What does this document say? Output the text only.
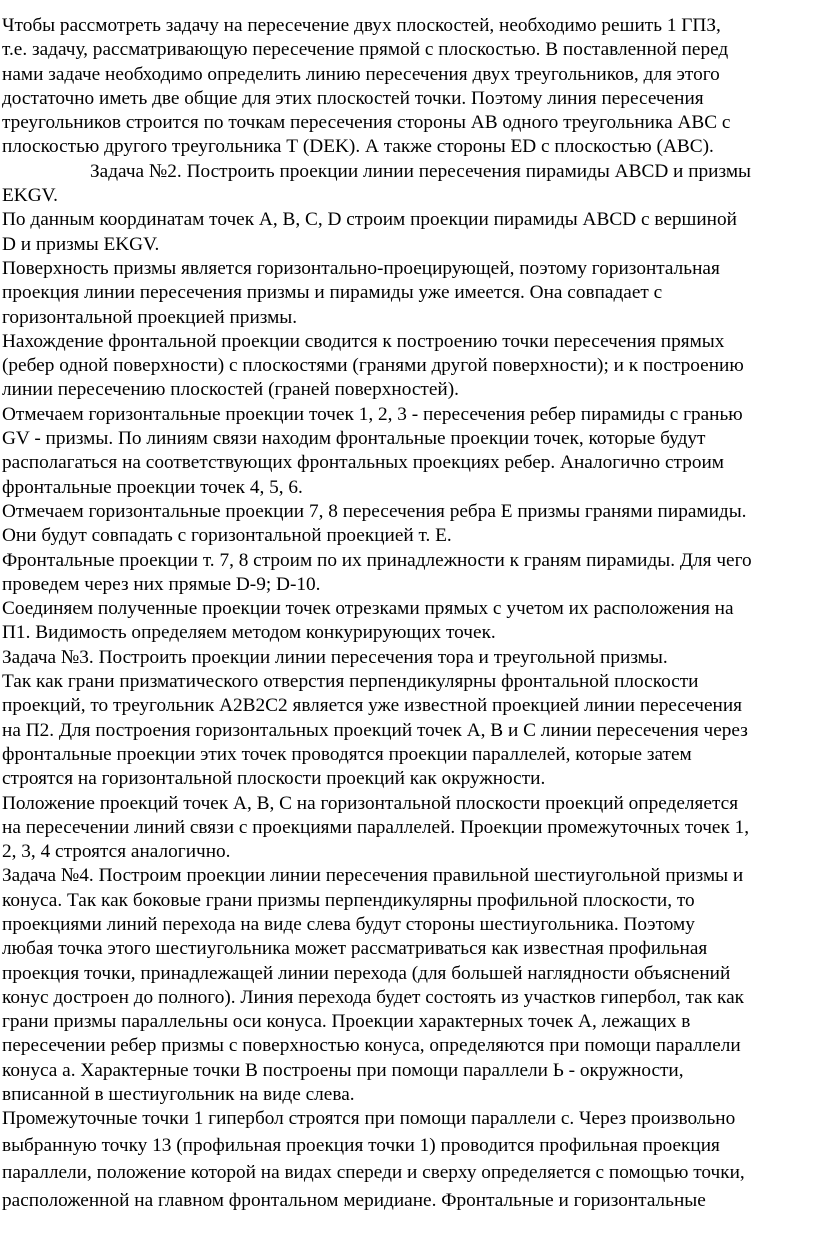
Чтобы рассмотреть задачу на пересечение двух плоскостей, необходимо решить 1 ГПЗ,

т.е. задачу, рассматривающую пересечение прямой с плоскостью. В поставленной перед

нами задаче необходимо определить линию пересечения двух треугольников, для этого

достаточно иметь две общие для этих плоскостей точки. Поэтому линия пересечения

треугольников строится по точкам пересечения стороны АВ одного треугольника АВС с

плоскостью другого треугольника Т (DEK). А также стороны ED с плоскостью (АВС).

Задача №2. Построить проекции линии пересечения пирамиды ABCD и призмы

EKGV.

По данным координатам точек A, B, C, D строим проекции пирамиды ABCD с вершиной

D и призмы EKGV.

Поверхность призмы является горизонтально-проецирующей, поэтому горизонтальная

проекция линии пересечения призмы и пирамиды уже имеется. Она совпадает с

горизонтальной проекцией призмы.

Нахождение фронтальной проекции сводится к построению точки пересечения прямых

(ребер одной поверхности) с плоскостями (гранями другой поверхности); и к построению

линии пересечению плоскостей (граней поверхностей).

Отмечаем горизонтальные проекции точек 1, 2, 3 - пересечения ребер пирамиды с гранью

GV - призмы. По линиям связи находим фронтальные проекции точек, которые будут

располагаться на соответствующих фронтальных проекциях ребер. Аналогично строим

фронтальные проекции точек 4, 5, 6.

Отмечаем горизонтальные проекции 7, 8 пересечения ребра E призмы гранями пирамиды.

Они будут совпадать с горизонтальной проекцией т. E.

Фронтальные проекции т. 7, 8 строим по их принадлежности к граням пирамиды. Для чего

проведем через них прямые D-9; D-10.

Соединяем полученные проекции точек отрезками прямых с учетом их расположения на

П1. Видимость определяем методом конкурирующих точек.

Задача №3. Построить проекции линии пересечения тора и треугольной призмы.

Так как грани призматического отверстия перпендикулярны фронтальной плоскости

проекций, то треугольник А2В2С2 является уже известной проекцией линии пересечения

на П2. Для построения горизонтальных проекций точек А, В и С линии пересечения через

фронтальные проекции этих точек проводятся проекции параллелей, которые затем

строятся на горизонтальной плоскости проекций как окружности.

Положение проекций точек А, В, С на горизонтальной плоскости проекций определяется

на пересечении линий связи с проекциями параллелей. Проекции промежуточных точек 1,

2, 3, 4 строятся аналогично.

Задача №4. Построим проекции линии пересечения правильной шестиугольной призмы и

конуса. Так как боковые грани призмы перпендикулярны профильной плоскости, то

проекциями линий перехода на виде слева будут стороны шестиугольника. Поэтому

любая точка этого шестиугольника может рассматриваться как известная профильная

проекция точки, принадлежащей линии перехода (для большей наглядности объяснений

конус достроен до полного). Линия перехода будет состоять из участков гипербол, так как

грани призмы параллельны оси конуса. Проекции характерных точек А, лежащих в

пересечении ребер призмы с поверхностью конуса, определяются при помощи параллели

конуса а. Характерные точки В построены при помощи параллели Ь - окружности,

вписанной в шестиугольник на виде слева.

Промежуточные точки 1 гипербол строятся при помощи параллели с. Через произвольно

выбранную точку 13 (профильная проекция точки 1) проводится профильная проекция

параллели, положение которой на видах спереди и сверху определяется с помощью точки,

расположенной на главном фронтальном меридиане. Фронтальные и горизонтальные
